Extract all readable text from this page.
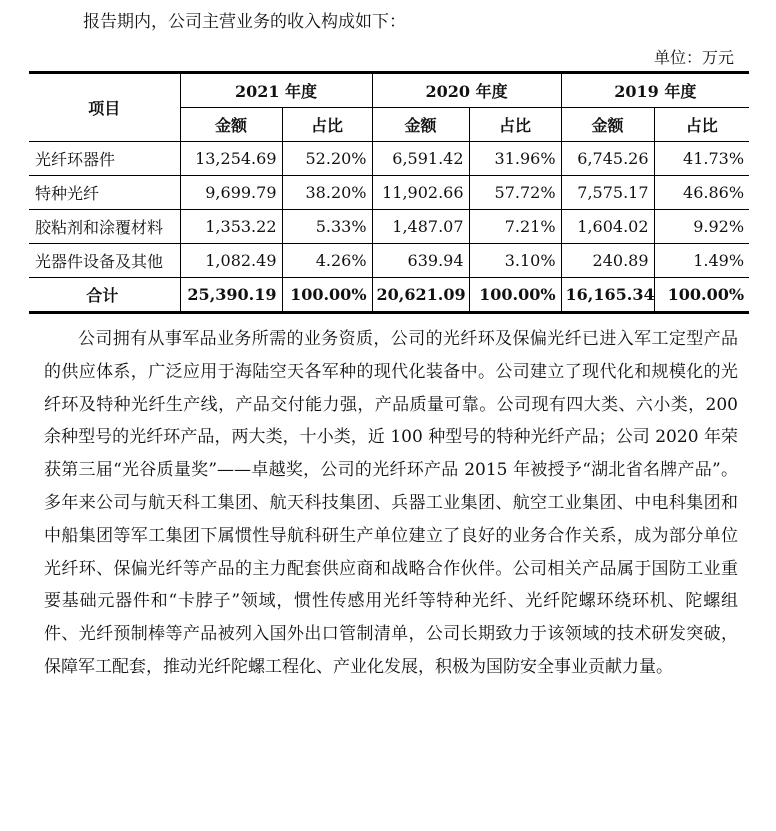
报告期内，公司主营业务的收入构成如下：
单位：万元
项目	2021 年度		2020 年度		2019 年度	
	金额	占比	金额	占比	金额	占比
光纤环器件	13,254.69	52.20%	6,591.42	31.96%	6,745.26	41.73%
特种光纤	9,699.79	38.20%	11,902.66	57.72%	7,575.17	46.86%
胶粘剂和涂覆材料	1,353.22	5.33%	1,487.07	7.21%	1,604.02	9.92%
光器件设备及其他	1,082.49	4.26%	639.94	3.10%	240.89	1.49%
合计	25,390.19	100.00%	20,621.09	100.00%	16,165.34	100.00%

公司拥有从事军品业务所需的业务资质，公司的光纤环及保偏光纤已进入军工定型产品的供应体系，广泛应用于海陆空天各军种的现代化装备中。公司建立了现代化和规模化的光纤环及特种光纤生产线，产品交付能力强，产品质量可靠。公司现有四大类、六小类，200 余种型号的光纤环产品，两大类，十小类，近 100 种型号的特种光纤产品；公司 2020 年荣获第三届“光谷质量奖”——卓越奖，公司的光纤环产品 2015 年被授予“湖北省名牌产品”。多年来公司与航天科工集团、航天科技集团、兵器工业集团、航空工业集团、中电科集团和中船集团等军工集团下属惯性导航科研生产单位建立了良好的业务合作关系，成为部分单位光纤环、保偏光纤等产品的主力配套供应商和战略合作伙伴。公司相关产品属于国防工业重要基础元器件和“卡脖子”领域，惯性传感用光纤等特种光纤、光纤陀螺环绕环机、陀螺组件、光纤预制棒等产品被列入国外出口管制清单，公司长期致力于该领域的技术研发突破，保障军工配套，推动光纤陀螺工程化、产业化发展，积极为国防安全事业贡献力量。
